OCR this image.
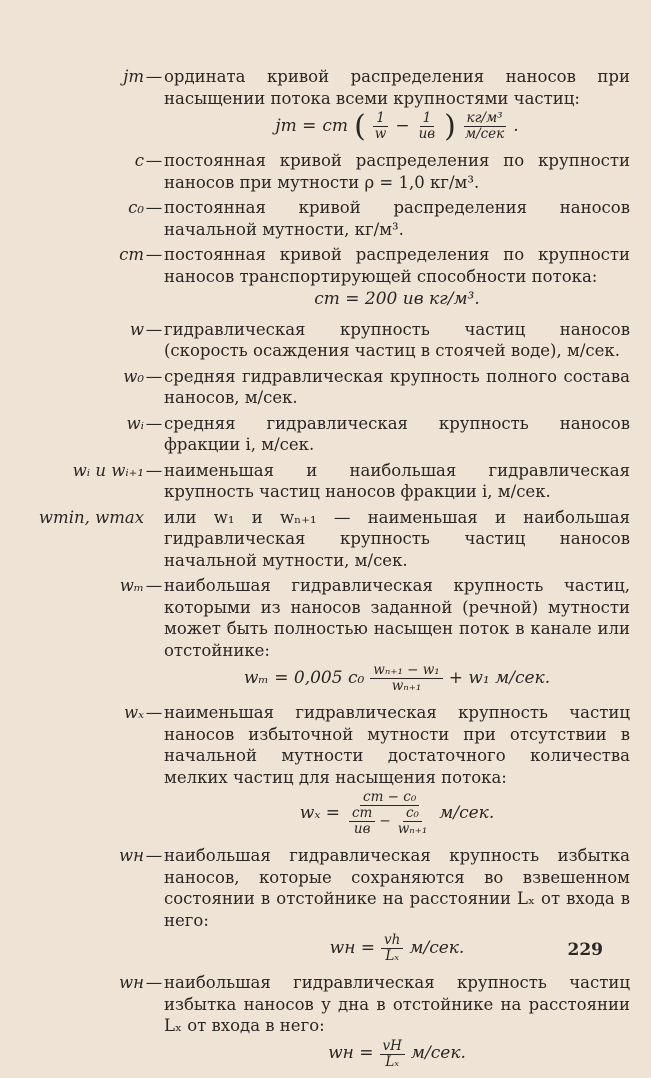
jт — ордината кривой распределения наносов при насыщении потока всеми крупностями частиц:
jт = cт ( $\frac{1}{w} - \frac{1}{uв}$ ) $\frac{\text{кг/м³}}{\text{м/сек}}$ .
c — постоянная кривой распределения по крупности наносов при мутности ρ = 1,0 кг/м³.
c₀ — постоянная кривой распределения наносов начальной мутности, кг/м³.
cт — постоянная кривой распределения по крупности наносов транспортирующей способности потока:
cт = 200 uв кг/м³.
w — гидравлическая крупность частиц наносов (скорость осаждения частиц в стоячей воде), м/сек.
w₀ — средняя гидравлическая крупность полного состава наносов, м/сек.
wᵢ — средняя гидравлическая крупность наносов фракции i, м/сек.
wᵢ и wᵢ₊₁ — наименьшая и наибольшая гидравлическая крупность частиц наносов фракции i, м/сек.
wmin, wmax
или w₁ и wₙ₊₁ — наименьшая и наибольшая гидравлическая крупность частиц наносов начальной мутности, м/сек.
wₘ — наибольшая гидравлическая крупность частиц, которыми из наносов заданной (речной) мутности может быть полностью насыщен поток в канале или отстойнике:
wₘ = 0,005 $c_0 \frac{\text{wₙ₊₁ − w₁}}{\text{wₙ₊₁}} + w_1$ м/сек.
wₓ — наименьшая гидравлическая крупность частиц наносов избыточной мутности при отсутствии в начальной мутности достаточного количества мелких частиц для насыщения потока:
$w_x = \frac{\text{cт − c₀}}{\frac{cт}{uв} - \frac{\text{c₀}}{\text{wₙ₊₁}}} м/сек$.
wн — наибольшая гидравлическая крупность избытка наносов, которые сохраняются во взвешенном состоянии в отстойнике на расстоянии Lₓ от входа в него:
wн = $\frac{vh}{\text{Lₓ}} м/сек$.
wн — наибольшая гидравлическая крупность частиц избытка наносов у дна в отстойнике на расстоянии Lₓ от входа в него:
wн = $\frac{vH}{\text{Lₓ}} м/сек$.
229
